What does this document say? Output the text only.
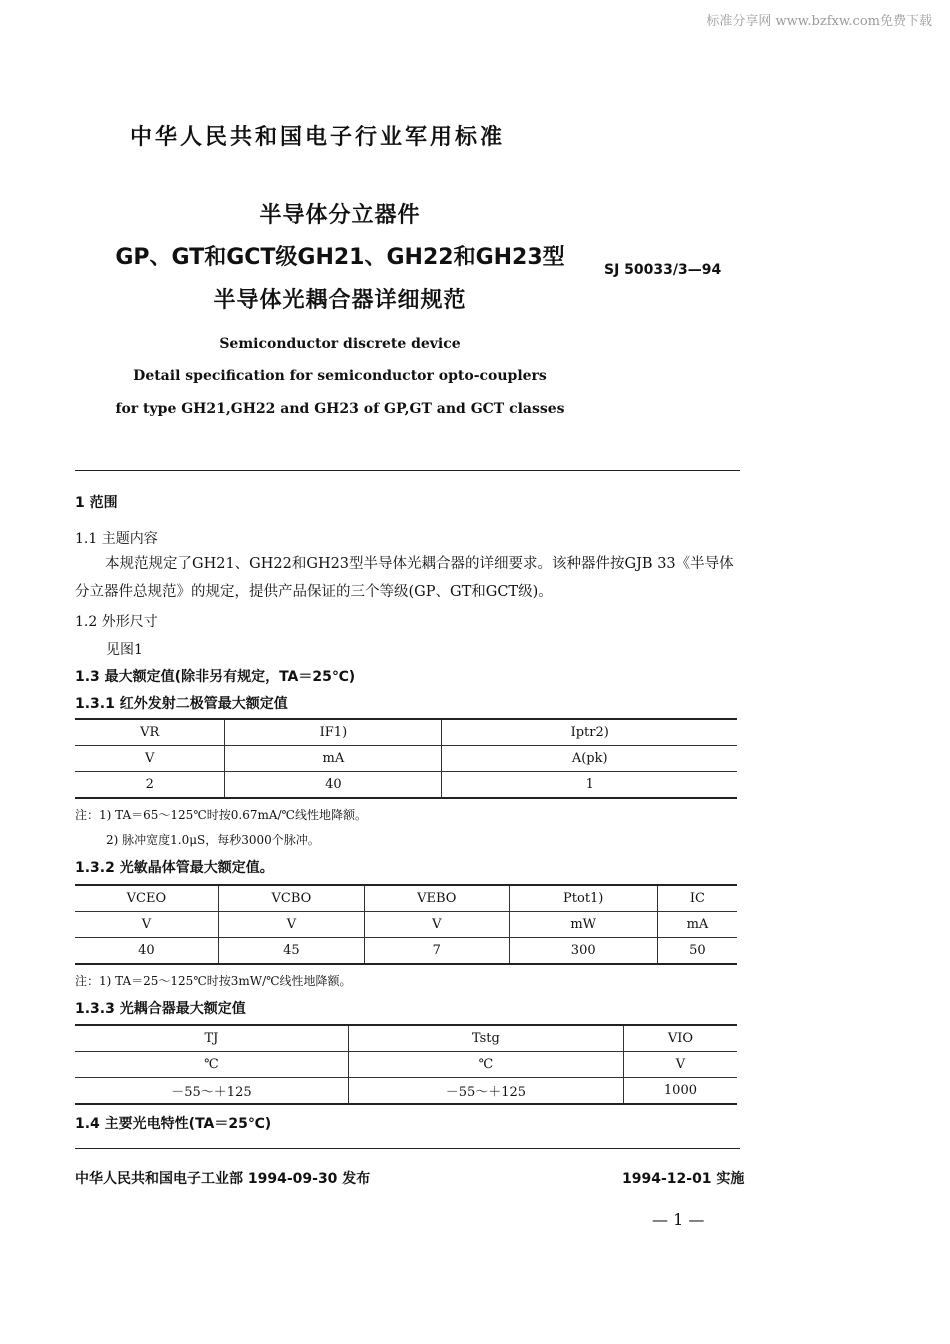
标准分享网 www.bzfxw.com免费下载
中华人民共和国电子行业军用标准
半导体分立器件
GP、GT和GCT级GH21、GH22和GH23型
半导体光耦合器详细规范
SJ 50033/3—94
Semiconductor discrete device
Detail specification for semiconductor opto-couplers
for type GH21,GH22 and GH23 of GP,GT and GCT classes
1 范围
1.1 主题内容
本规范规定了GH21、GH22和GH23型半导体光耦合器的详细要求。该种器件按GJB 33《半导体分立器件总规范》的规定，提供产品保证的三个等级(GP、GT和GCT级)。
1.2 外形尺寸
见图1
1.3 最大额定值(除非另有规定，TA＝25℃)
1.3.1 红外发射二极管最大额定值
VR	IF1)	Iptr2)
V	mA	A(pk)
2	40	1
注：1) TA＝65～125℃时按0.67mA/℃线性地降额。
2) 脉冲宽度1.0μS，每秒3000个脉冲。
1.3.2 光敏晶体管最大额定值。
VCEO	VCBO	VEBO	Ptot1)	IC
V	V	V	mW	mA
40	45	7	300	50
注：1) TA＝25～125℃时按3mW/℃线性地降额。
1.3.3 光耦合器最大额定值
TJ	Tstg	VIO
℃	℃	V
－55～＋125	－55～＋125	1000
1.4 主要光电特性(TA＝25℃)
中华人民共和国电子工业部 1994-09-30 发布	1994-12-01 实施
— 1 —
